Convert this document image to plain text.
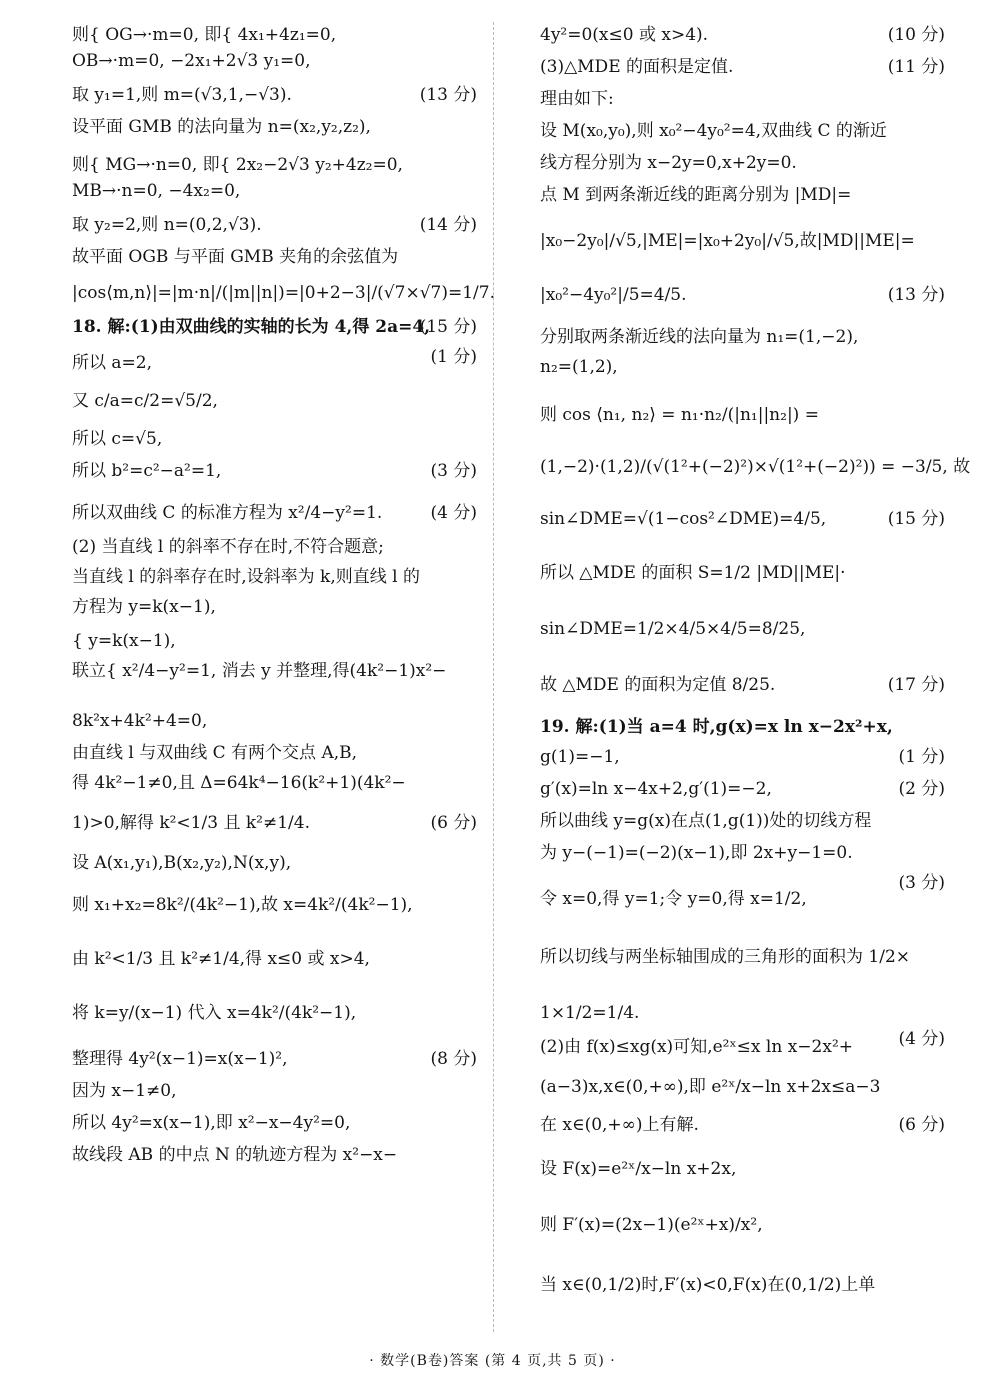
则{ OG→·m=0, 即{ 4x₁+4z₁=0,
OB→·m=0, −2x₁+2√3 y₁=0,
取 y₁=1,则 m=(√3,1,−√3).	(13 分)
设平面 GMB 的法向量为 n=(x₂,y₂,z₂),
则{ MG→·n=0, 即{ 2x₂−2√3 y₂+4z₂=0,
MB→·n=0, −4x₂=0,
取 y₂=2,则 n=(0,2,√3).	(14 分)
故平面 OGB 与平面 GMB 夹角的余弦值为
|cos⟨m,n⟩|=|m·n|/(|m||n|)=|0+2−3|/(√7×√7)=1/7.
(15 分)
18. 解:(1)由双曲线的实轴的长为 4,得 2a=4,
(1 分)
所以 a=2,
又 c/a=c/2=√5/2,
所以 c=√5,
所以 b²=c²−a²=1,	(3 分)
所以双曲线 C 的标准方程为 x²/4−y²=1.	(4 分)
(2) 当直线 l 的斜率不存在时,不符合题意;
当直线 l 的斜率存在时,设斜率为 k,则直线 l 的
方程为 y=k(x−1),
{ y=k(x−1),
联立{ x²/4−y²=1, 消去 y 并整理,得(4k²−1)x²−
8k²x+4k²+4=0,
由直线 l 与双曲线 C 有两个交点 A,B,
得 4k²−1≠0,且 Δ=64k⁴−16(k²+1)(4k²−
1)>0,解得 k²<1/3 且 k²≠1/4.	(6 分)
设 A(x₁,y₁),B(x₂,y₂),N(x,y),
则 x₁+x₂=8k²/(4k²−1),故 x=4k²/(4k²−1),
由 k²<1/3 且 k²≠1/4,得 x≤0 或 x>4,
将 k=y/(x−1) 代入 x=4k²/(4k²−1),
整理得 4y²(x−1)=x(x−1)²,	(8 分)
因为 x−1≠0,
所以 4y²=x(x−1),即 x²−x−4y²=0,
故线段 AB 的中点 N 的轨迹方程为 x²−x−
4y²=0(x≤0 或 x>4).	(10 分)
(3)△MDE 的面积是定值.	(11 分)
理由如下:
设 M(x₀,y₀),则 x₀²−4y₀²=4,双曲线 C 的渐近
线方程分别为 x−2y=0,x+2y=0.
点 M 到两条渐近线的距离分别为 |MD|=
|x₀−2y₀|/√5,|ME|=|x₀+2y₀|/√5,故|MD||ME|=
|x₀²−4y₀²|/5=4/5.	(13 分)
分别取两条渐近线的法向量为 n₁=(1,−2),
n₂=(1,2),
则 cos ⟨n₁, n₂⟩ = n₁·n₂/(|n₁||n₂|) =
(1,−2)·(1,2)/(√(1²+(−2)²)×√(1²+(−2)²)) = −3/5, 故
sin∠DME=√(1−cos²∠DME)=4/5,	(15 分)
所以 △MDE 的面积 S=1/2 |MD||ME|·
sin∠DME=1/2×4/5×4/5=8/25,
故 △MDE 的面积为定值 8/25.	(17 分)
19. 解:(1)当 a=4 时,g(x)=x ln x−2x²+x,
g(1)=−1,	(1 分)
g′(x)=ln x−4x+2,g′(1)=−2,	(2 分)
所以曲线 y=g(x)在点(1,g(1))处的切线方程
为 y−(−1)=(−2)(x−1),即 2x+y−1=0.
(3 分)
令 x=0,得 y=1;令 y=0,得 x=1/2,
所以切线与两坐标轴围成的三角形的面积为 1/2×
1×1/2=1/4.
(4 分)
(2)由 f(x)≤xg(x)可知,e²ˣ≤x ln x−2x²+
(a−3)x,x∈(0,+∞),即 e²ˣ/x−ln x+2x≤a−3
在 x∈(0,+∞)上有解.	(6 分)
设 F(x)=e²ˣ/x−ln x+2x,
则 F′(x)=(2x−1)(e²ˣ+x)/x²,
当 x∈(0,1/2)时,F′(x)<0,F(x)在(0,1/2)上单
· 数学(B卷)答案 (第 4 页,共 5 页) ·
